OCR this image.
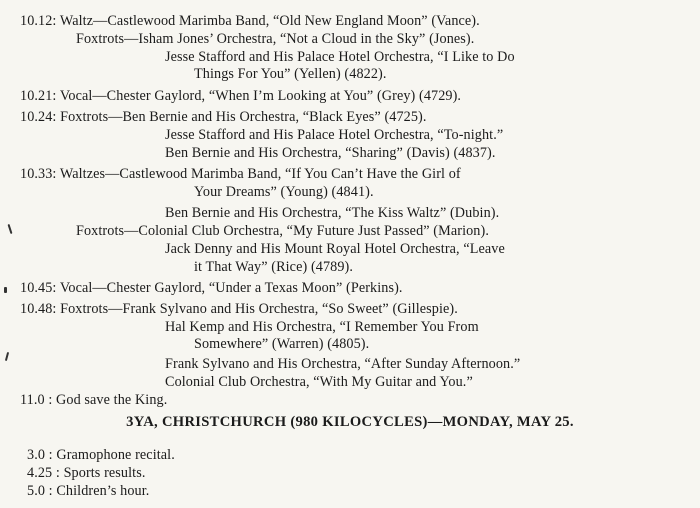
10.12: Waltz—Castlewood Marimba Band, “Old New England Moon” (Vance).
Foxtrots—Isham Jones’ Orchestra, “Not a Cloud in the Sky” (Jones).
Jesse Stafford and His Palace Hotel Orchestra, “I Like to Do
Things For You” (Yellen) (4822).
10.21: Vocal—Chester Gaylord, “When I’m Looking at You” (Grey) (4729).
10.24: Foxtrots—Ben Bernie and His Orchestra, “Black Eyes” (4725).
Jesse Stafford and His Palace Hotel Orchestra, “To-night.”
Ben Bernie and His Orchestra, “Sharing” (Davis) (4837).
10.33: Waltzes—Castlewood Marimba Band, “If You Can’t Have the Girl of
Your Dreams” (Young) (4841).
Ben Bernie and His Orchestra, “The Kiss Waltz” (Dubin).
Foxtrots—Colonial Club Orchestra, “My Future Just Passed” (Marion).
Jack Denny and His Mount Royal Hotel Orchestra, “Leave
it That Way” (Rice) (4789).
10.45: Vocal—Chester Gaylord, “Under a Texas Moon” (Perkins).
10.48: Foxtrots—Frank Sylvano and His Orchestra, “So Sweet” (Gillespie).
Hal Kemp and His Orchestra, “I Remember You From
Somewhere” (Warren) (4805).
Frank Sylvano and His Orchestra, “After Sunday Afternoon.”
Colonial Club Orchestra, “With My Guitar and You.”
11.0 : God save the King.
3YA, CHRISTCHURCH (980 KILOCYCLES)—MONDAY, MAY 25.
3.0 : Gramophone recital.
4.25 : Sports results.
5.0 : Children’s hour.
